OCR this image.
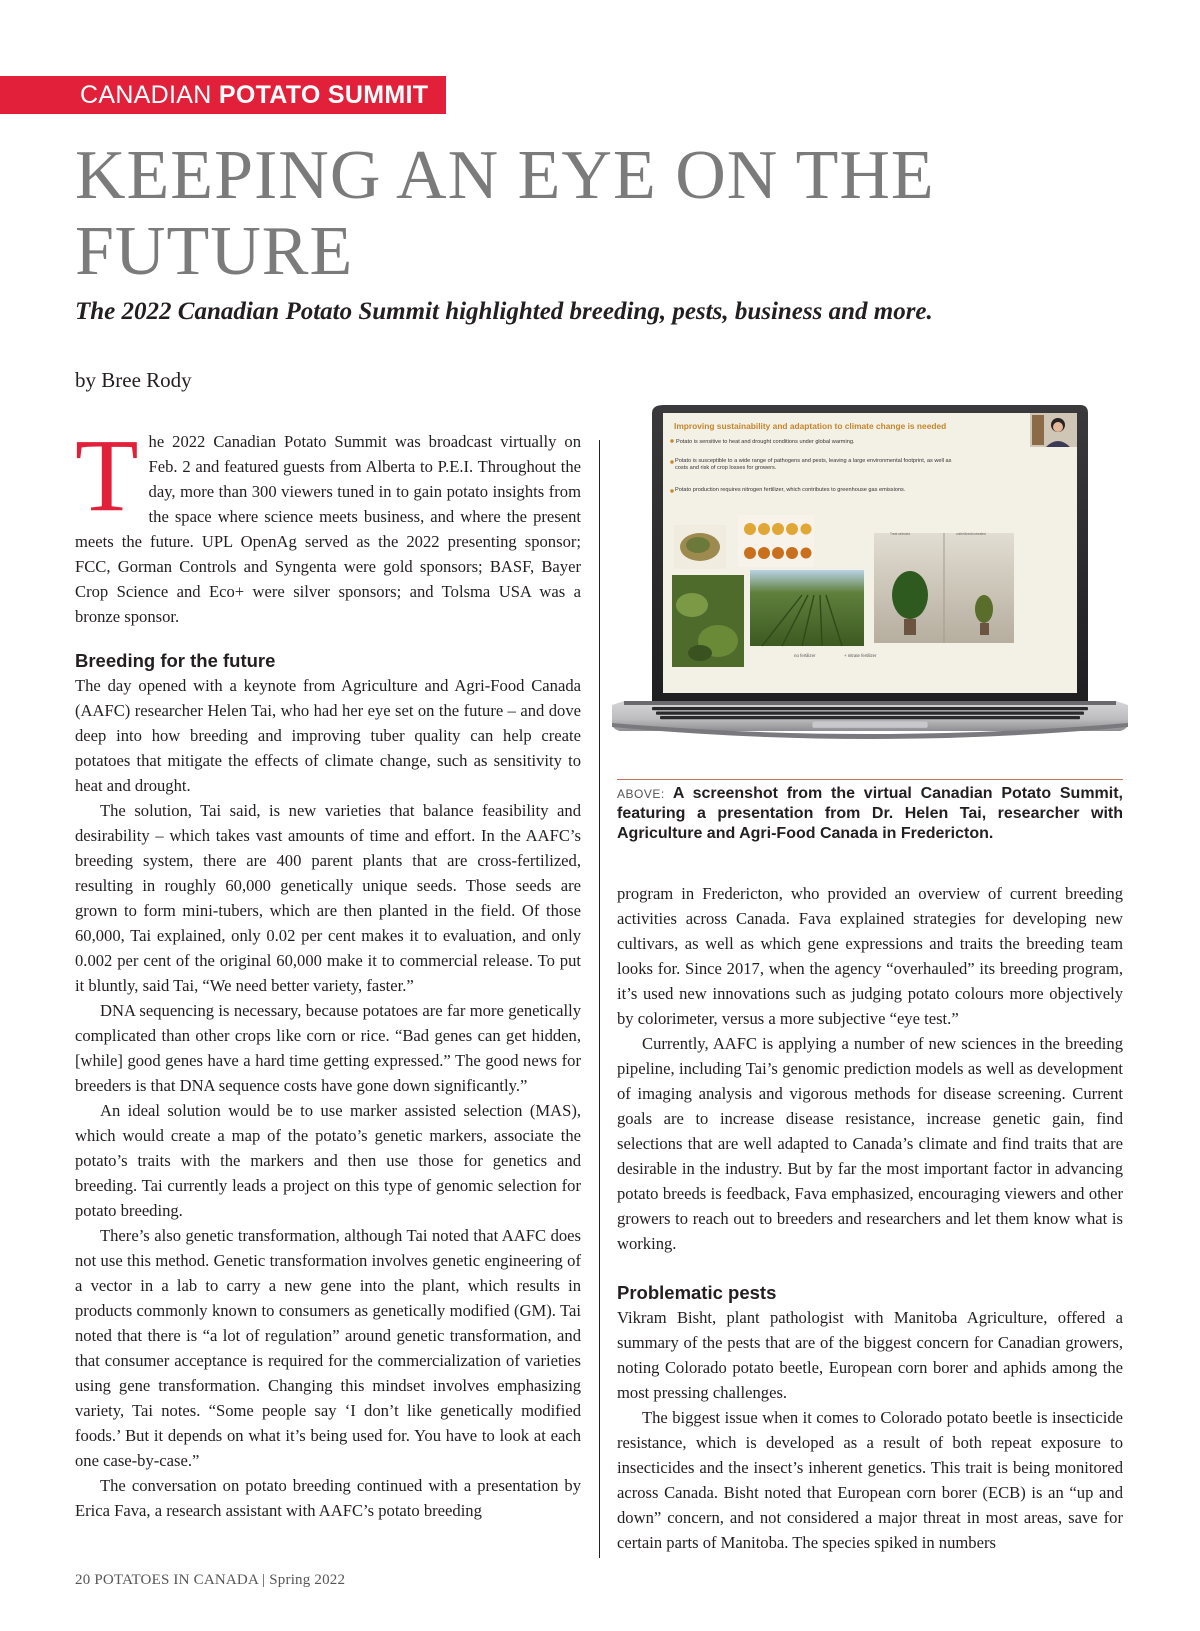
CANADIAN POTATO SUMMIT
KEEPING AN EYE ON THE FUTURE
The 2022 Canadian Potato Summit highlighted breeding, pests, business and more.
by Bree Rody

The 2022 Canadian Potato Summit was broadcast virtually on Feb. 2 and featured guests from Alberta to P.E.I. Throughout the day, more than 300 viewers tuned in to gain potato insights from the space where science meets business, and where the present meets the future. UPL OpenAg served as the 2022 presenting sponsor; FCC, Gorman Controls and Syngenta were gold sponsors; BASF, Bayer Crop Science and Eco+ were silver sponsors; and Tolsma USA was a bronze sponsor.

Breeding for the future

The day opened with a keynote from Agriculture and Agri-Food Canada (AAFC) researcher Helen Tai, who had her eye set on the future – and dove deep into how breeding and improving tuber quality can help create potatoes that mitigate the effects of climate change, such as sensitivity to heat and drought.

The solution, Tai said, is new varieties that balance feasibility and desirability – which takes vast amounts of time and effort. In the AAFC’s breeding system, there are 400 parent plants that are cross-fertilized, resulting in roughly 60,000 genetically unique seeds. Those seeds are grown to form mini-tubers, which are then planted in the field. Of those 60,000, Tai explained, only 0.02 per cent makes it to evaluation, and only 0.002 per cent of the original 60,000 make it to commercial release. To put it bluntly, said Tai, “We need better variety, faster.”

DNA sequencing is necessary, because potatoes are far more genetically complicated than other crops like corn or rice. “Bad genes can get hidden, [while] good genes have a hard time getting expressed.” The good news for breeders is that DNA sequence costs have gone down significantly.”

An ideal solution would be to use marker assisted selection (MAS), which would create a map of the potato’s genetic markers, associate the potato’s traits with the markers and then use those for genetics and breeding. Tai currently leads a project on this type of genomic selection for potato breeding.

There’s also genetic transformation, although Tai noted that AAFC does not use this method. Genetic transformation involves genetic engineering of a vector in a lab to carry a new gene into the plant, which results in products commonly known to consumers as genetically modified (GM). Tai noted that there is “a lot of regulation” around genetic transformation, and that consumer acceptance is required for the commercialization of varieties using gene transformation. Changing this mindset involves emphasizing variety, Tai notes. “Some people say ‘I don’t like genetically modified foods.’ But it depends on what it’s being used for. You have to look at each one case-by-case.”

The conversation on potato breeding continued with a presentation by Erica Fava, a research assistant with AAFC’s potato breeding

Improving sustainability and adaptation to climate change is needed
Potato is sensitive to heat and drought conditions under global warming.
Potato is susceptible to a wide range of pathogens and pests, leaving a large environmental footprint, as well as costs and risk of crop losses for growers.
Potato production requires nitrogen fertilizer, which contributes to greenhouse gas emissions.
Treat selected	unfertilized/untreated
no fertilizer	+ nitrate fertilizer
ABOVE: A screenshot from the virtual Canadian Potato Summit, featuring a presentation from Dr. Helen Tai, researcher with Agriculture and Agri-Food Canada in Fredericton.

program in Fredericton, who provided an overview of current breeding activities across Canada. Fava explained strategies for developing new cultivars, as well as which gene expressions and traits the breeding team looks for. Since 2017, when the agency “overhauled” its breeding program, it’s used new innovations such as judging potato colours more objectively by colorimeter, versus a more subjective “eye test.”

Currently, AAFC is applying a number of new sciences in the breeding pipeline, including Tai’s genomic prediction models as well as development of imaging analysis and vigorous methods for disease screening. Current goals are to increase disease resistance, increase genetic gain, find selections that are well adapted to Canada’s climate and find traits that are desirable in the industry. But by far the most important factor in advancing potato breeds is feedback, Fava emphasized, encouraging viewers and other growers to reach out to breeders and researchers and let them know what is working.

Problematic pests

Vikram Bisht, plant pathologist with Manitoba Agriculture, offered a summary of the pests that are of the biggest concern for Canadian growers, noting Colorado potato beetle, European corn borer and aphids among the most pressing challenges.

The biggest issue when it comes to Colorado potato beetle is insecticide resistance, which is developed as a result of both repeat exposure to insecticides and the insect’s inherent genetics. This trait is being monitored across Canada. Bisht noted that European corn borer (ECB) is an “up and down” concern, and not considered a major threat in most areas, save for certain parts of Manitoba. The species spiked in numbers

20 POTATOES IN CANADA | Spring 2022
